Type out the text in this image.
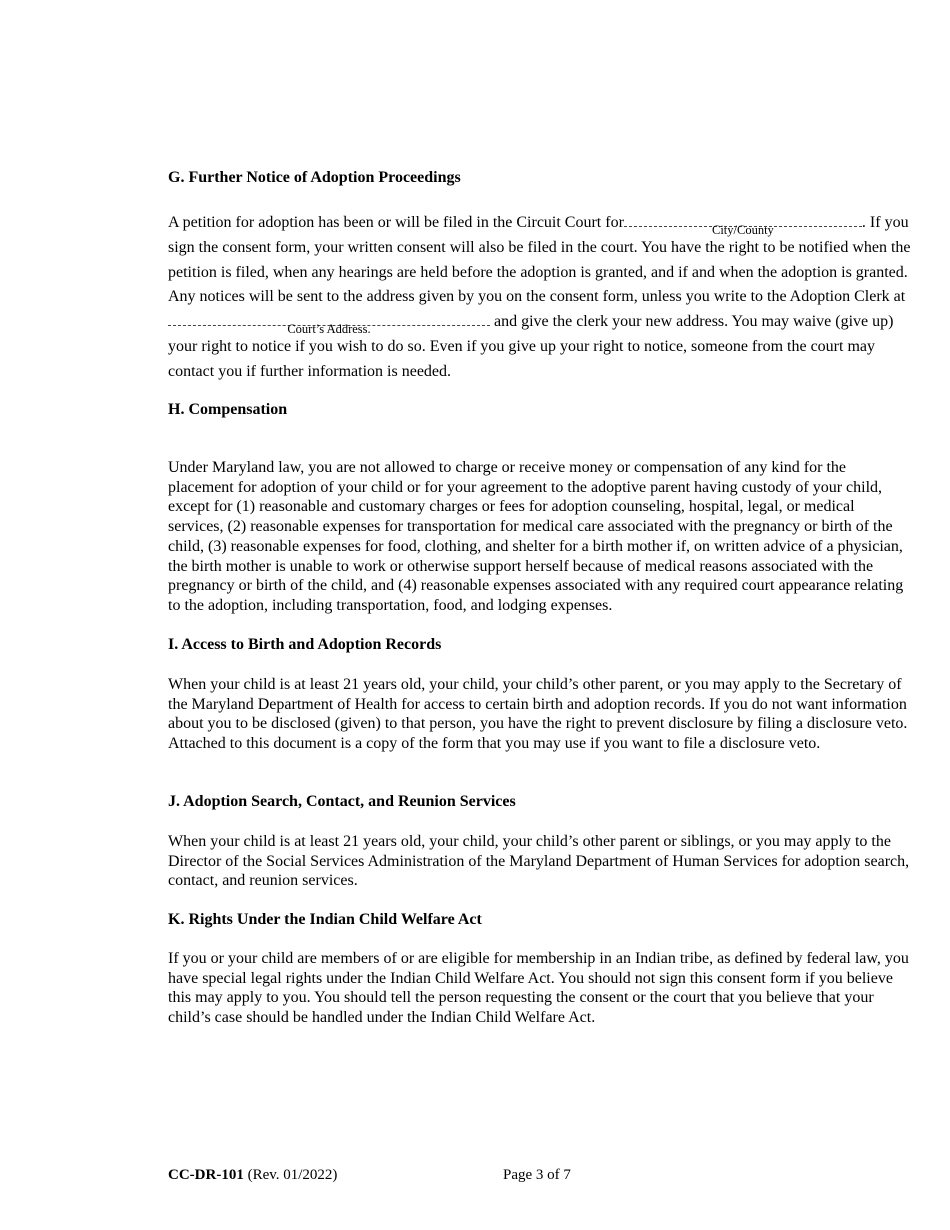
G. Further Notice of Adoption Proceedings

A petition for adoption has been or will be filed in the Circuit Court for	City/County	. If you sign the consent form, your written consent will also be filed in the court. You have the right to be notified when the petition is filed, when any hearings are held before the adoption is granted, and if and when the adoption is granted. Any notices will be sent to the address given by you on the consent form, unless you write to the Adoption Clerk at
Court’s Address.	and give the clerk your new address. You may waive (give up) your right to notice if you wish to do so. Even if you give up your right to notice, someone from the court may contact you if further information is needed.

H. Compensation

Under Maryland law, you are not allowed to charge or receive money or compensation of any kind for the placement for adoption of your child or for your agreement to the adoptive parent having custody of your child, except for (1) reasonable and customary charges or fees for adoption counseling, hospital, legal, or medical services, (2) reasonable expenses for transportation for medical care associated with the pregnancy or birth of the child, (3) reasonable expenses for food, clothing, and shelter for a birth mother if, on written advice of a physician, the birth mother is unable to work or otherwise support herself because of medical reasons associated with the pregnancy or birth of the child, and (4) reasonable expenses associated with any required court appearance relating to the adoption, including transportation, food, and lodging expenses.

I. Access to Birth and Adoption Records

When your child is at least 21 years old, your child, your child’s other parent, or you may apply to the Secretary of the Maryland Department of Health for access to certain birth and adoption records. If you do not want information about you to be disclosed (given) to that person, you have the right to prevent disclosure by filing a disclosure veto. Attached to this document is a copy of the form that you may use if you want to file a disclosure veto.

J. Adoption Search, Contact, and Reunion Services

When your child is at least 21 years old, your child, your child’s other parent or siblings, or you may apply to the Director of the Social Services Administration of the Maryland Department of Human Services for adoption search, contact, and reunion services.

K. Rights Under the Indian Child Welfare Act

If you or your child are members of or are eligible for membership in an Indian tribe, as defined by federal law, you have special legal rights under the Indian Child Welfare Act. You should not sign this consent form if you believe this may apply to you. You should tell the person requesting the consent or the court that you believe that your child’s case should be handled under the Indian Child Welfare Act.

CC-DR-101 (Rev. 01/2022)	Page 3 of 7
